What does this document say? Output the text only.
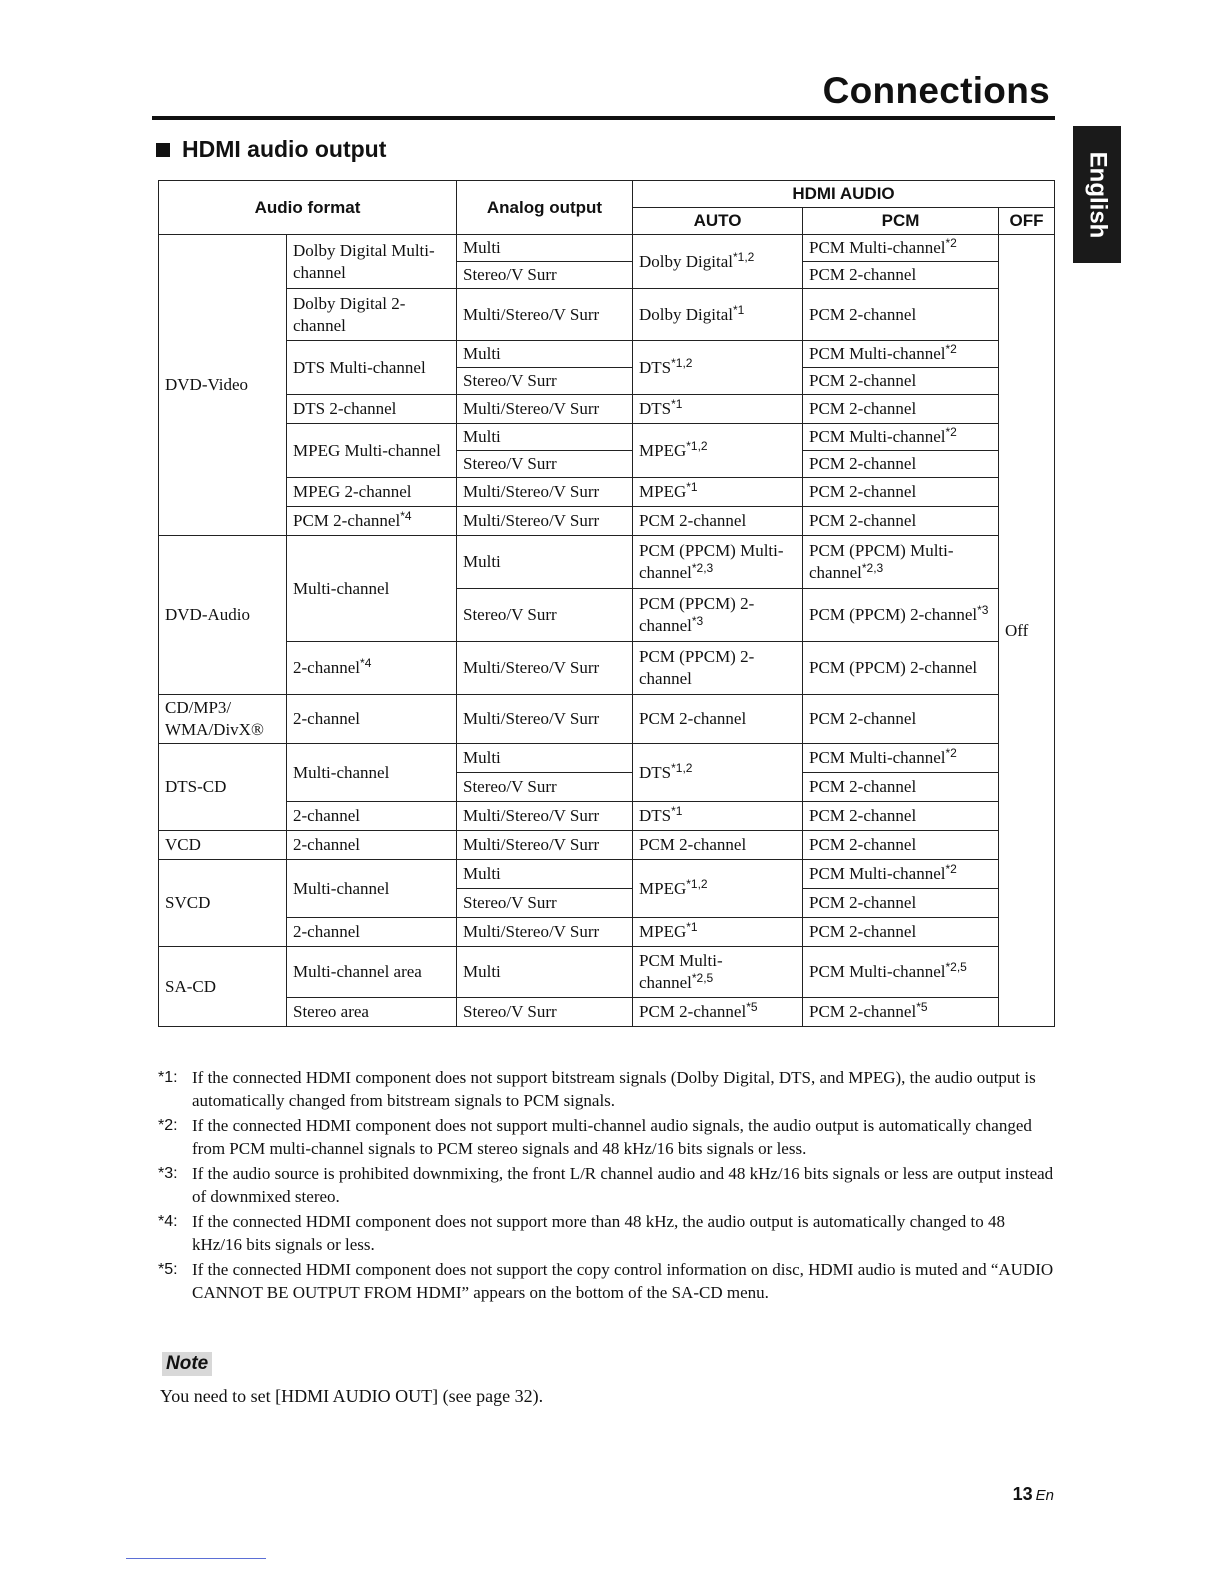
Connections
English
HDMI audio output
Audio format		Analog output	HDMI AUDIO		
			AUTO	PCM	OFF
DVD-Video	Dolby Digital Multi-channel	Multi	Dolby Digital$^{*1,2}$	PCM Multi-channel$^{*2}$	Off
		Stereo/V Surr		PCM 2-channel	
	Dolby Digital 2-channel	Multi/Stereo/V Surr	Dolby Digital$^{*1}$	PCM 2-channel	
	DTS Multi-channel	Multi	DTS$^{*1,2}$	PCM Multi-channel$^{*2}$
		Stereo/V Surr		PCM 2-channel	
	DTS 2-channel	Multi/Stereo/V Surr	DTS$^{*1}$	PCM 2-channel	
	MPEG Multi-channel	Multi	MPEG$^{*1,2}$	PCM Multi-channel$^{*2}$
		Stereo/V Surr		PCM 2-channel	
	MPEG 2-channel	Multi/Stereo/V Surr	MPEG$^{*1}$	PCM 2-channel	
	PCM 2-channel$^{*4}$	Multi/Stereo/V Surr	PCM 2-channel	PCM 2-channel	
DVD-Audio	Multi-channel	Multi	PCM (PPCM) Multi-channel$^{*2,3}$	PCM (PPCM) Multi-channel$^{*2,3}$
		Stereo/V Surr	PCM (PPCM) 2-channel$^{*3}$	PCM (PPCM) 2-channel$^{*3}$
	2-channel$^{*4}$	Multi/Stereo/V Surr	PCM (PPCM) 2-channel	PCM (PPCM) 2-channel	
CD/MP3/ WMA/DivX®	2-channel	Multi/Stereo/V Surr	PCM 2-channel	PCM 2-channel	
DTS-CD	Multi-channel	Multi	DTS$^{*1,2}$	PCM Multi-channel$^{*2}$
		Stereo/V Surr		PCM 2-channel	
	2-channel	Multi/Stereo/V Surr	DTS$^{*1}$	PCM 2-channel	
VCD	2-channel	Multi/Stereo/V Surr	PCM 2-channel	PCM 2-channel	
SVCD	Multi-channel	Multi	MPEG$^{*1,2}$	PCM Multi-channel$^{*2}$
		Stereo/V Surr		PCM 2-channel	
	2-channel	Multi/Stereo/V Surr	MPEG$^{*1}$	PCM 2-channel	
SA-CD	Multi-channel area	Multi	PCM Multi-channel$^{*2,5}$	PCM Multi-channel$^{*2,5}$
	Stereo area	Stereo/V Surr	PCM 2-channel$^{*5}$	PCM 2-channel$^{*5}$
*1: If the connected HDMI component does not support bitstream signals (Dolby Digital, DTS, and MPEG), the audio output is automatically changed from bitstream signals to PCM signals.
*2: If the connected HDMI component does not support multi-channel audio signals, the audio output is automatically changed from PCM multi-channel signals to PCM stereo signals and 48 kHz/16 bits signals or less.
*3: If the audio source is prohibited downmixing, the front L/R channel audio and 48 kHz/16 bits signals or less are output instead of downmixed stereo.
*4: If the connected HDMI component does not support more than 48 kHz, the audio output is automatically changed to 48 kHz/16 bits signals or less.
*5: If the connected HDMI component does not support the copy control information on disc, HDMI audio is muted and “AUDIO CANNOT BE OUTPUT FROM HDMI” appears on the bottom of the SA-CD menu.
Note
You need to set [HDMI AUDIO OUT] (see page 32).
13 En
